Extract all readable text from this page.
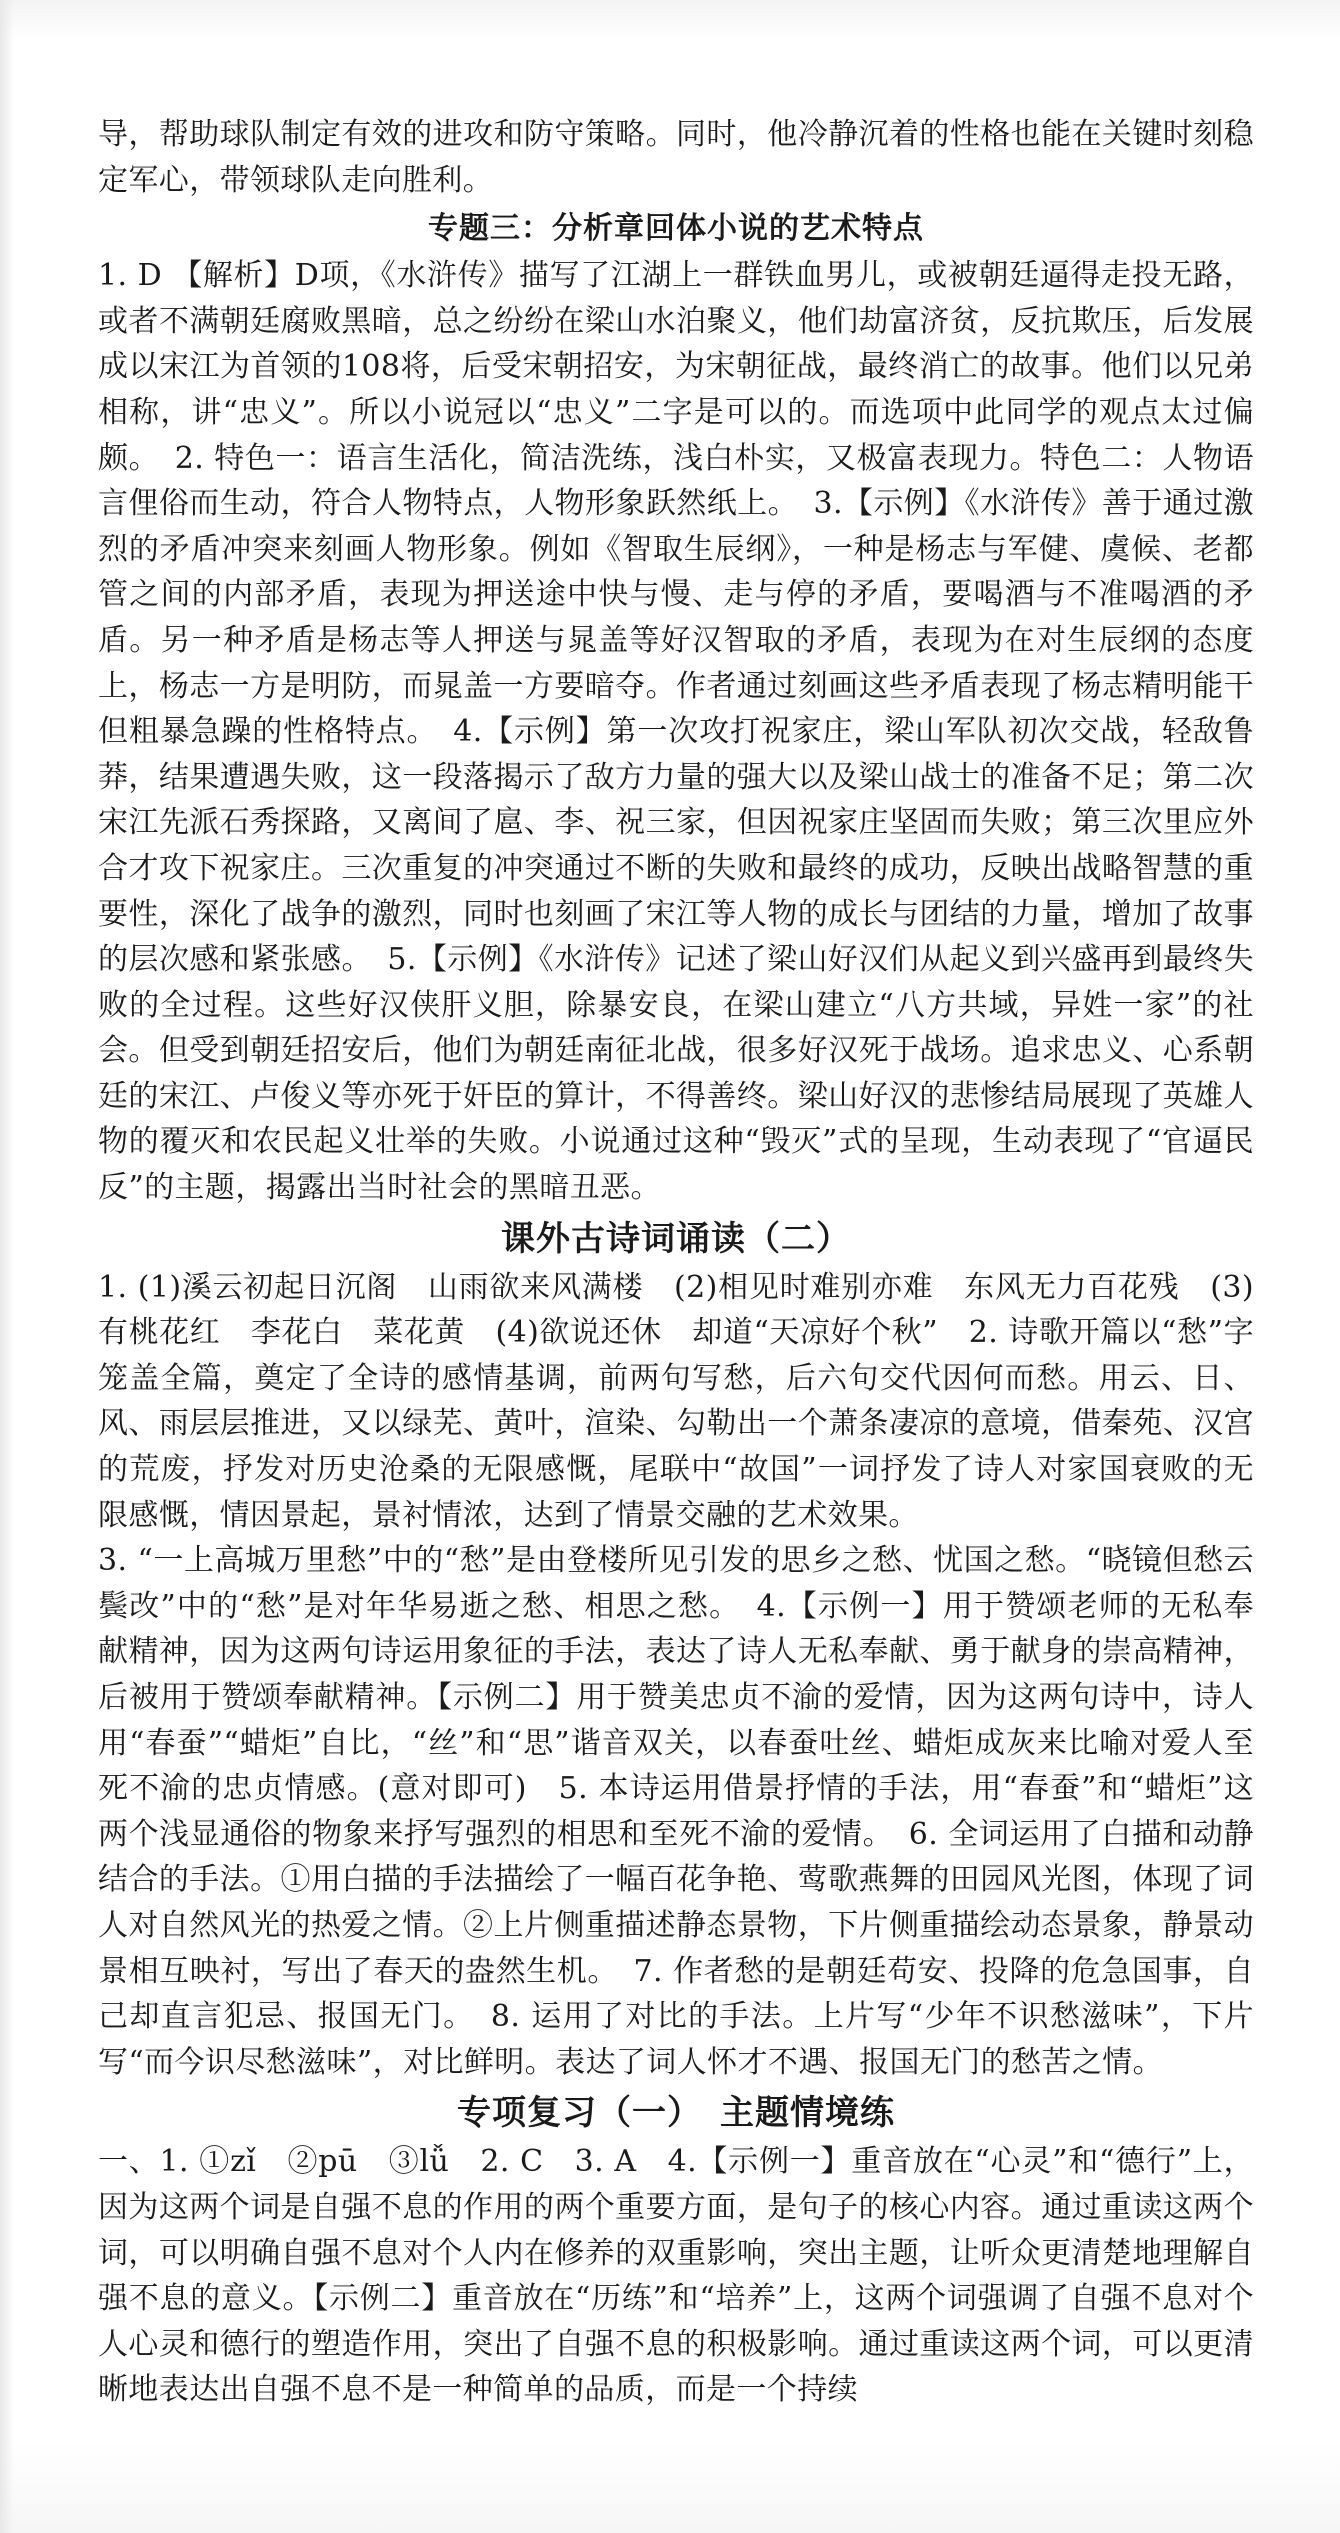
导，帮助球队制定有效的进攻和防守策略。同时，他冷静沉着的性格也能在关键时刻稳定军心，带领球队走向胜利。

专题三：分析章回体小说的艺术特点

1. D 【解析】D项，《水浒传》描写了江湖上一群铁血男儿，或被朝廷逼得走投无路，或者不满朝廷腐败黑暗，总之纷纷在梁山水泊聚义，他们劫富济贫，反抗欺压，后发展成以宋江为首领的108将，后受宋朝招安，为宋朝征战，最终消亡的故事。他们以兄弟相称，讲“忠义”。所以小说冠以“忠义”二字是可以的。而选项中此同学的观点太过偏颇。　2. 特色一：语言生活化，简洁洗练，浅白朴实，又极富表现力。特色二：人物语言俚俗而生动，符合人物特点，人物形象跃然纸上。　3.【示例】《水浒传》善于通过激烈的矛盾冲突来刻画人物形象。例如《智取生辰纲》，一种是杨志与军健、虞候、老都管之间的内部矛盾，表现为押送途中快与慢、走与停的矛盾，要喝酒与不准喝酒的矛盾。另一种矛盾是杨志等人押送与晁盖等好汉智取的矛盾，表现为在对生辰纲的态度上，杨志一方是明防，而晁盖一方要暗夺。作者通过刻画这些矛盾表现了杨志精明能干但粗暴急躁的性格特点。　4.【示例】第一次攻打祝家庄，梁山军队初次交战，轻敌鲁莽，结果遭遇失败，这一段落揭示了敌方力量的强大以及梁山战士的准备不足；第二次宋江先派石秀探路，又离间了扈、李、祝三家，但因祝家庄坚固而失败；第三次里应外合才攻下祝家庄。三次重复的冲突通过不断的失败和最终的成功，反映出战略智慧的重要性，深化了战争的激烈，同时也刻画了宋江等人物的成长与团结的力量，增加了故事的层次感和紧张感。　5.【示例】《水浒传》记述了梁山好汉们从起义到兴盛再到最终失败的全过程。这些好汉侠肝义胆，除暴安良，在梁山建立“八方共域，异姓一家”的社会。但受到朝廷招安后，他们为朝廷南征北战，很多好汉死于战场。追求忠义、心系朝廷的宋江、卢俊义等亦死于奸臣的算计，不得善终。梁山好汉的悲惨结局展现了英雄人物的覆灭和农民起义壮举的失败。小说通过这种“毁灭”式的呈现，生动表现了“官逼民反”的主题，揭露出当时社会的黑暗丑恶。

课外古诗词诵读（二）

1. (1)溪云初起日沉阁　山雨欲来风满楼　(2)相见时难别亦难　东风无力百花残　(3)有桃花红　李花白　菜花黄　(4)欲说还休　却道“天凉好个秋”　2. 诗歌开篇以“愁”字笼盖全篇，奠定了全诗的感情基调，前两句写愁，后六句交代因何而愁。用云、日、风、雨层层推进，又以绿芜、黄叶，渲染、勾勒出一个萧条凄凉的意境，借秦苑、汉宫的荒废，抒发对历史沧桑的无限感慨，尾联中“故国”一词抒发了诗人对家国衰败的无限感慨，情因景起，景衬情浓，达到了情景交融的艺术效果。

3. “一上高城万里愁”中的“愁”是由登楼所见引发的思乡之愁、忧国之愁。“晓镜但愁云鬓改”中的“愁”是对年华易逝之愁、相思之愁。　4.【示例一】用于赞颂老师的无私奉献精神，因为这两句诗运用象征的手法，表达了诗人无私奉献、勇于献身的崇高精神，后被用于赞颂奉献精神。【示例二】用于赞美忠贞不渝的爱情，因为这两句诗中，诗人用“春蚕”“蜡炬”自比，“丝”和“思”谐音双关，以春蚕吐丝、蜡炬成灰来比喻对爱人至死不渝的忠贞情感。(意对即可)　5. 本诗运用借景抒情的手法，用“春蚕”和“蜡炬”这两个浅显通俗的物象来抒写强烈的相思和至死不渝的爱情。　6. 全词运用了白描和动静结合的手法。①用白描的手法描绘了一幅百花争艳、莺歌燕舞的田园风光图，体现了词人对自然风光的热爱之情。②上片侧重描述静态景物，下片侧重描绘动态景象，静景动景相互映衬，写出了春天的盎然生机。　7. 作者愁的是朝廷苟安、投降的危急国事，自己却直言犯忌、报国无门。　8. 运用了对比的手法。上片写“少年不识愁滋味”，下片写“而今识尽愁滋味”，对比鲜明。表达了词人怀才不遇、报国无门的愁苦之情。

专项复习（一）　主题情境练

一、1. ①zǐ　②pū　③lǚ　2. C　3. A　4.【示例一】重音放在“心灵”和“德行”上，因为这两个词是自强不息的作用的两个重要方面，是句子的核心内容。通过重读这两个词，可以明确自强不息对个人内在修养的双重影响，突出主题，让听众更清楚地理解自强不息的意义。【示例二】重音放在“历练”和“培养”上，这两个词强调了自强不息对个人心灵和德行的塑造作用，突出了自强不息的积极影响。通过重读这两个词，可以更清晰地表达出自强不息不是一种简单的品质，而是一个持续
